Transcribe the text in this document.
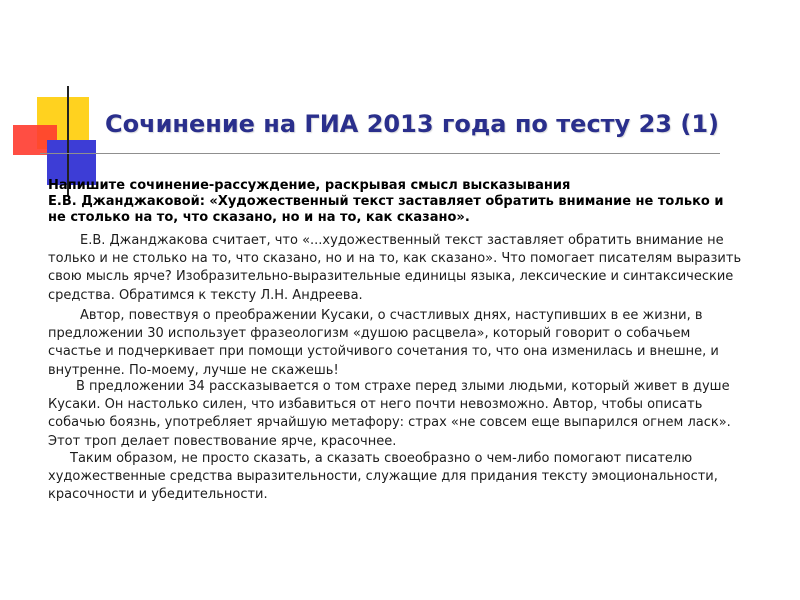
Сочинение на ГИА 2013 года по тесту 23 (1)
Напишите сочинение-рассуждение, раскрывая смысл высказывания
Е.В. Джанджаковой: «Художественный текст заставляет обратить внимание не только и
не столько на то, что сказано, но и на то, как сказано».
Е.В. Джанджакова считает, что «...художественный текст заставляет обратить внимание не
только и не столько на то, что сказано, но и на то, как сказано». Что помогает писателям выразить
свою мысль ярче? Изобразительно-выразительные единицы языка, лексические и синтаксические
средства. Обратимся к тексту Л.Н. Андреева.
Автор, повествуя о преображении Кусаки, о счастливых днях, наступивших в ее жизни, в
предложении 30 использует фразеологизм «душою расцвела», который говорит о собачьем
счастье и подчеркивает при помощи устойчивого сочетания то, что она изменилась и внешне, и
внутренне. По-моему, лучше не скажешь!
В предложении 34 рассказывается о том страхе перед злыми людьми, который живет в душе
Кусаки. Он настолько силен, что избавиться от него почти невозможно. Автор, чтобы описать
собачью боязнь, употребляет ярчайшую метафору: страх «не совсем еще выпарился огнем ласк».
Этот троп делает повествование ярче, красочнее.
Таким образом, не просто сказать, а сказать своеобразно о чем-либо помогают писателю
художественные средства выразительности, служащие для придания тексту эмоциональности,
красочности и убедительности.
